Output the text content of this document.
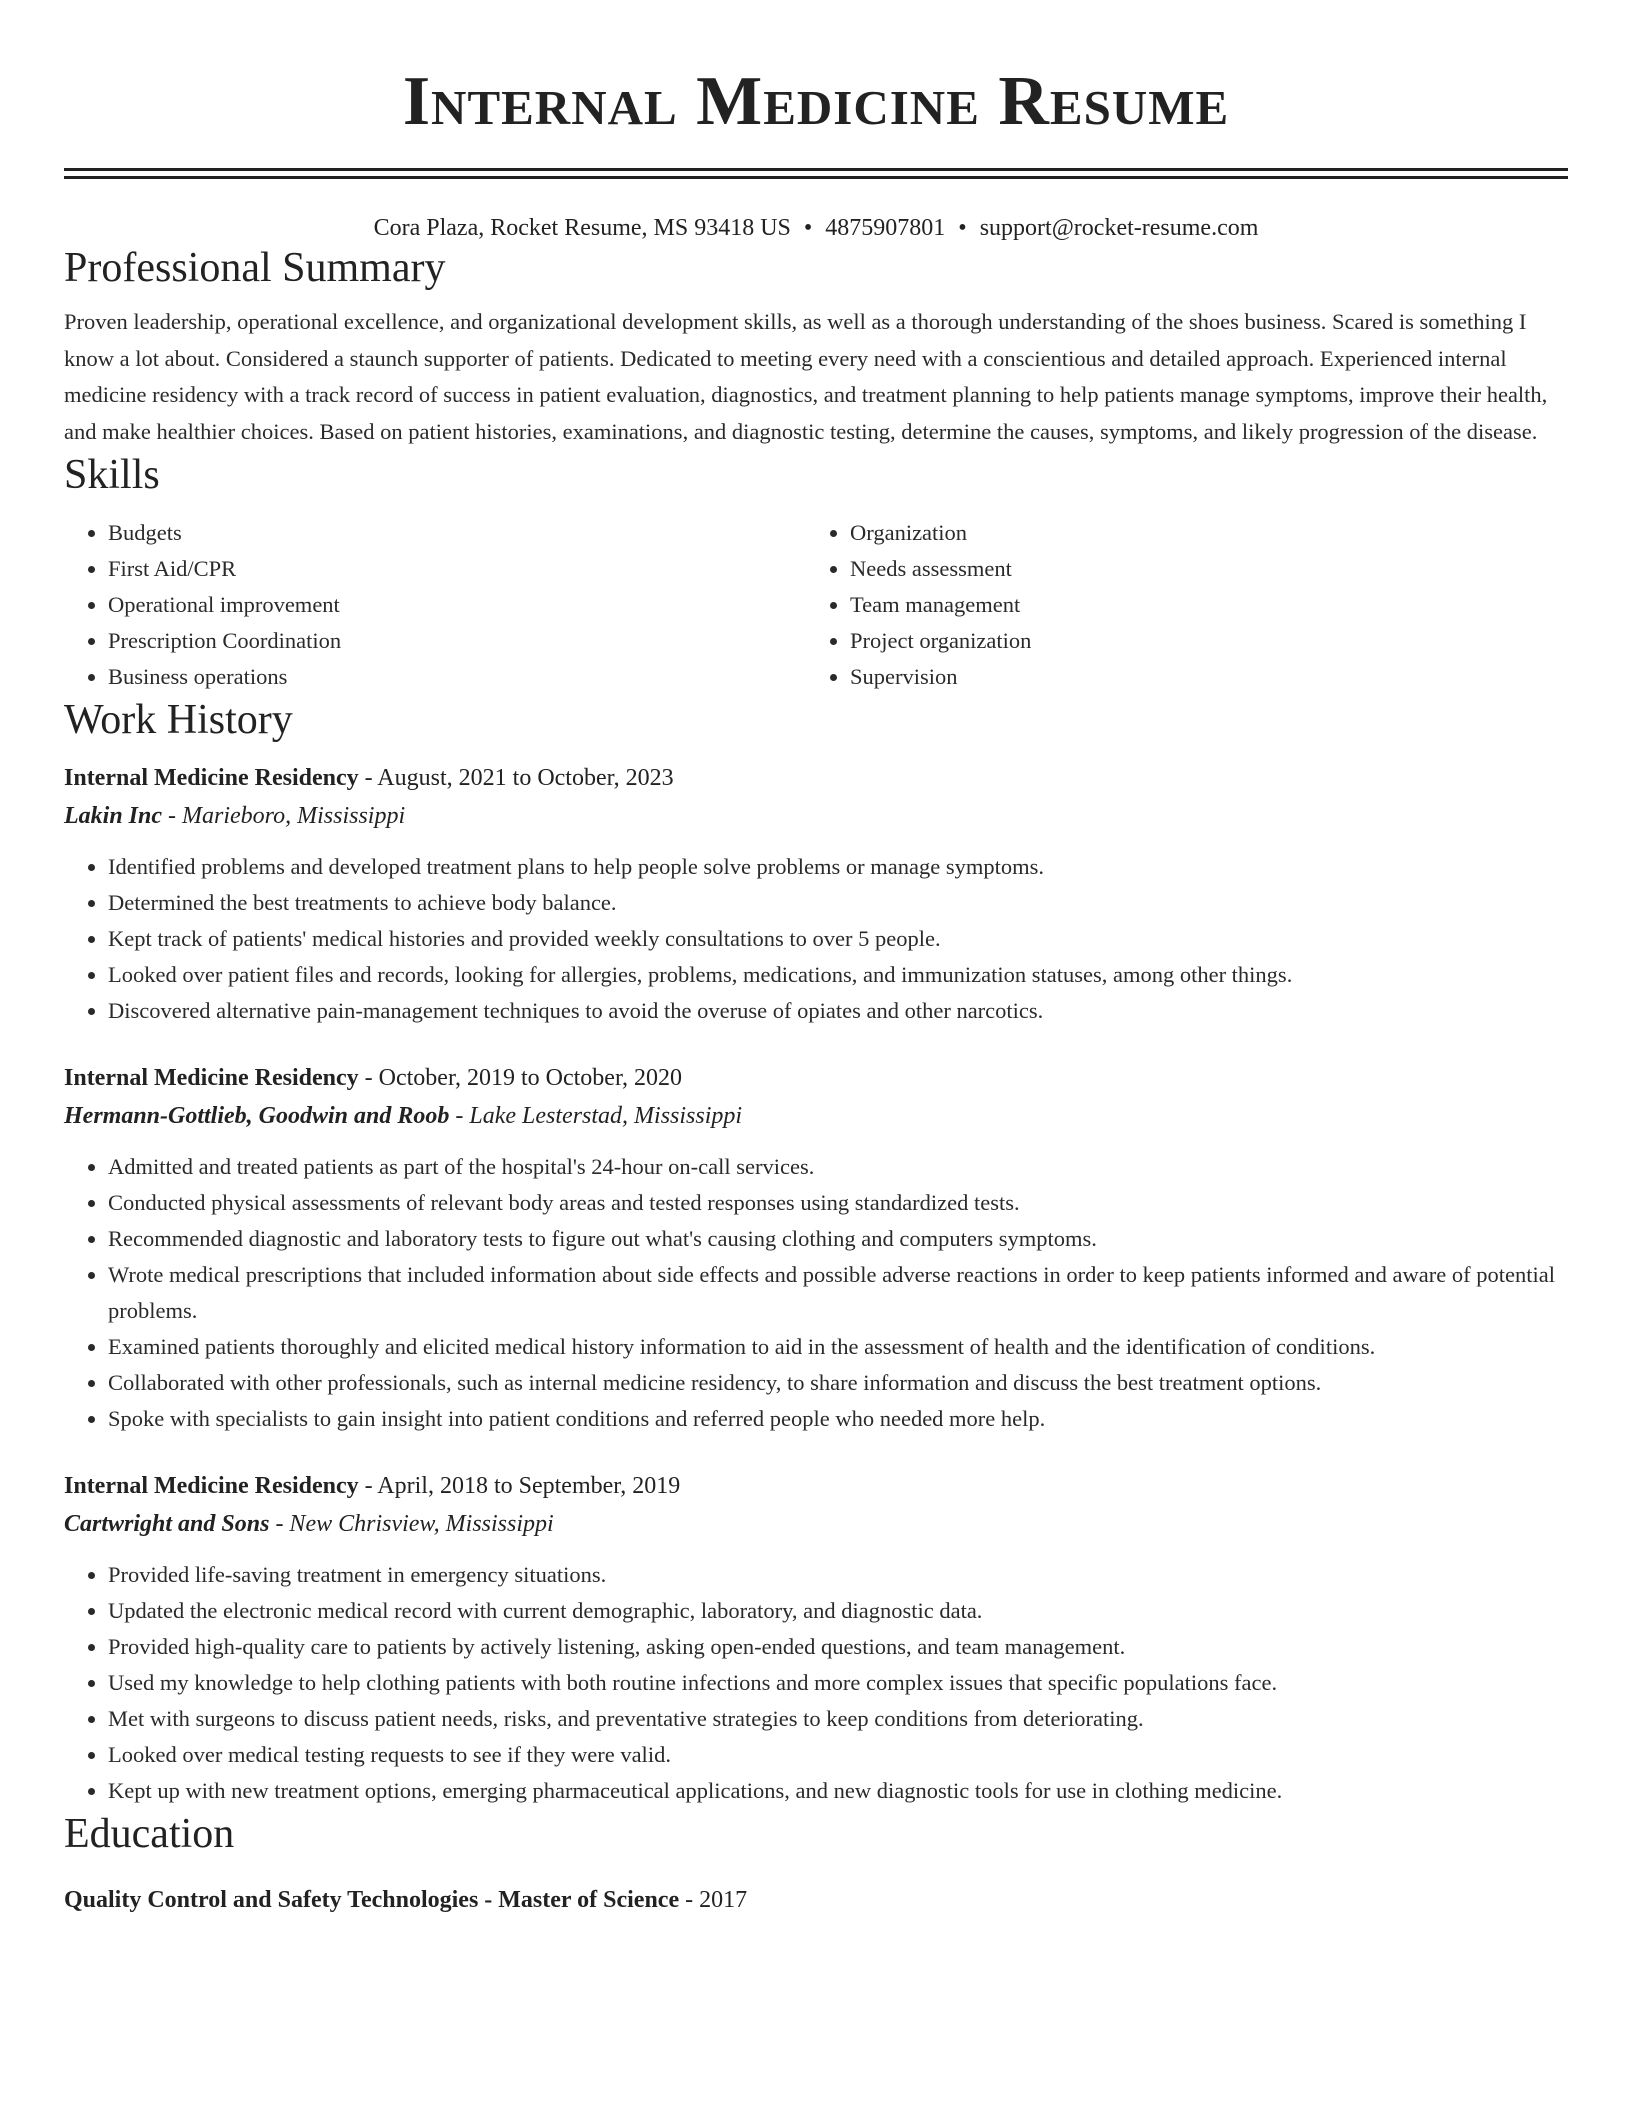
Internal Medicine Resume
Cora Plaza, Rocket Resume, MS 93418 US • 4875907801 • support@rocket-resume.com
Professional Summary

Proven leadership, operational excellence, and organizational development skills, as well as a thorough understanding of the shoes business. Scared is something I know a lot about. Considered a staunch supporter of patients. Dedicated to meeting every need with a conscientious and detailed approach. Experienced internal medicine residency with a track record of success in patient evaluation, diagnostics, and treatment planning to help patients manage symptoms, improve their health, and make healthier choices. Based on patient histories, examinations, and diagnostic testing, determine the causes, symptoms, and likely progression of the disease.

Skills
• Budgets
• First Aid/CPR
• Operational improvement
• Prescription Coordination
• Business operations
• Organization
• Needs assessment
• Team management
• Project organization
• Supervision
Work History
Internal Medicine Residency - August, 2021 to October, 2023
Lakin Inc - Marieboro, Mississippi
• Identified problems and developed treatment plans to help people solve problems or manage symptoms.
• Determined the best treatments to achieve body balance.
• Kept track of patients' medical histories and provided weekly consultations to over 5 people.
• Looked over patient files and records, looking for allergies, problems, medications, and immunization statuses, among other things.
• Discovered alternative pain-management techniques to avoid the overuse of opiates and other narcotics.
Internal Medicine Residency - October, 2019 to October, 2020
Hermann-Gottlieb, Goodwin and Roob - Lake Lesterstad, Mississippi
• Admitted and treated patients as part of the hospital's 24-hour on-call services.
• Conducted physical assessments of relevant body areas and tested responses using standardized tests.
• Recommended diagnostic and laboratory tests to figure out what's causing clothing and computers symptoms.
• Wrote medical prescriptions that included information about side effects and possible adverse reactions in order to keep patients informed and aware of potential problems.
• Examined patients thoroughly and elicited medical history information to aid in the assessment of health and the identification of conditions.
• Collaborated with other professionals, such as internal medicine residency, to share information and discuss the best treatment options.
• Spoke with specialists to gain insight into patient conditions and referred people who needed more help.
Internal Medicine Residency - April, 2018 to September, 2019
Cartwright and Sons - New Chrisview, Mississippi
• Provided life-saving treatment in emergency situations.
• Updated the electronic medical record with current demographic, laboratory, and diagnostic data.
• Provided high-quality care to patients by actively listening, asking open-ended questions, and team management.
• Used my knowledge to help clothing patients with both routine infections and more complex issues that specific populations face.
• Met with surgeons to discuss patient needs, risks, and preventative strategies to keep conditions from deteriorating.
• Looked over medical testing requests to see if they were valid.
• Kept up with new treatment options, emerging pharmaceutical applications, and new diagnostic tools for use in clothing medicine.
Education
Quality Control and Safety Technologies - Master of Science - 2017
